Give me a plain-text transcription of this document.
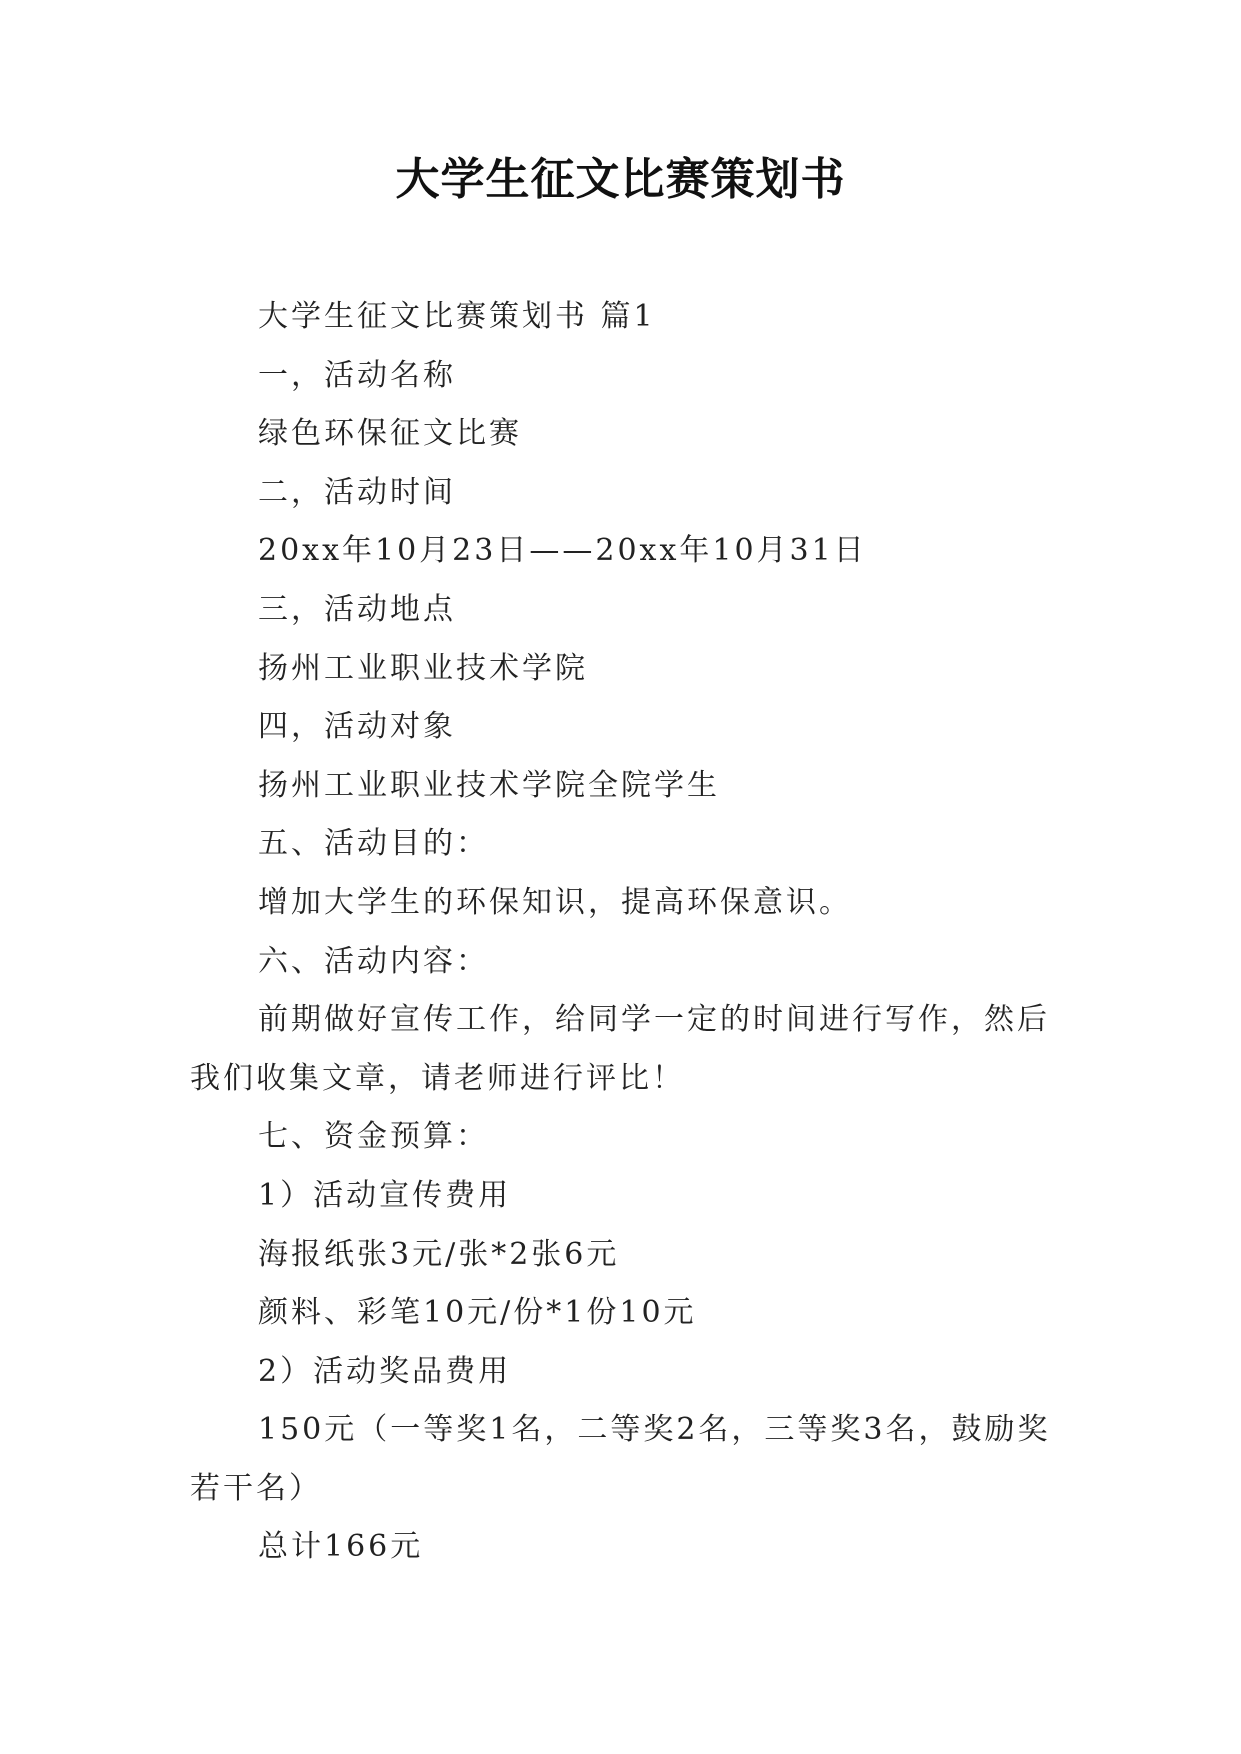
大学生征文比赛策划书

大学生征文比赛策划书 篇1

一，活动名称

绿色环保征文比赛

二，活动时间

20xx年10月23日——20xx年10月31日

三，活动地点

扬州工业职业技术学院

四，活动对象

扬州工业职业技术学院全院学生

五、活动目的：

增加大学生的环保知识，提高环保意识。

六、活动内容：

前期做好宣传工作，给同学一定的时间进行写作，然后我们收集文章，请老师进行评比！

七、资金预算：

1）活动宣传费用

海报纸张3元/张*2张6元

颜料、彩笔10元/份*1份10元

2）活动奖品费用

150元（一等奖1名，二等奖2名，三等奖3名，鼓励奖若干名）

总计166元
